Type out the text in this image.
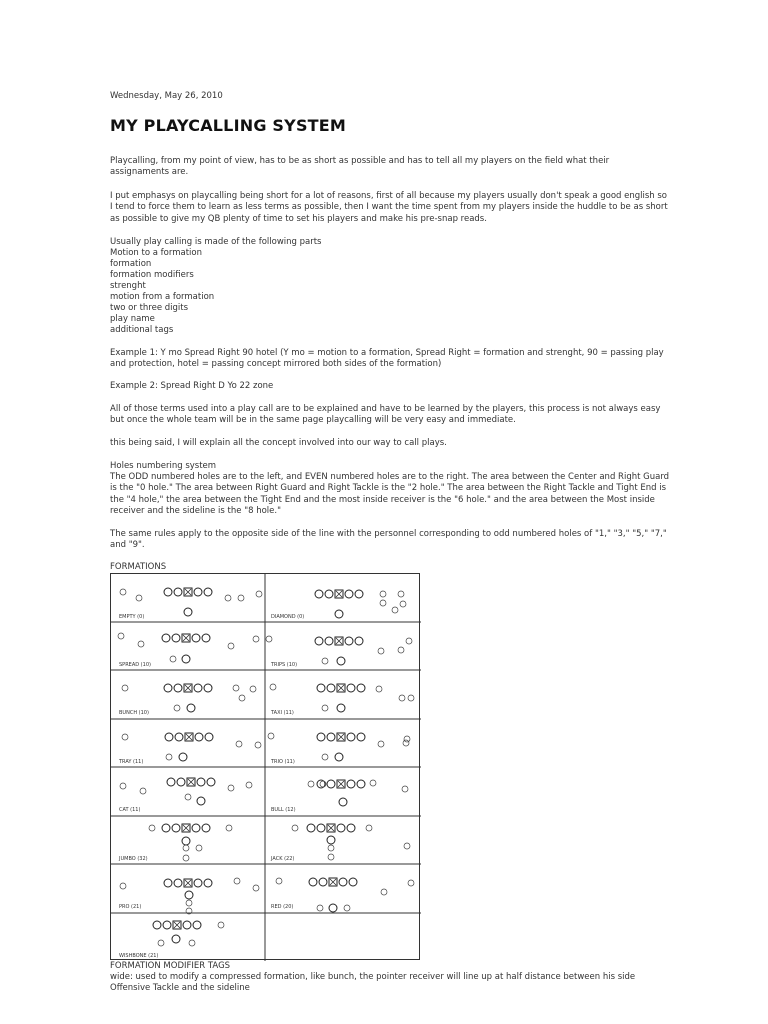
Wednesday, May 26, 2010
MY PLAYCALLING SYSTEM

Playcalling, from my point of view, has to be as short as possible and has to tell all my players on the field what their assignaments are.

I put emphasys on playcalling being short for a lot of reasons, first of all because my players usually don't speak a good english so I tend to force them to learn as less terms as possible, then I want the time spent from my players inside the huddle to be as short as possible to give my QB plenty of time to set his players and make his pre-snap reads.

Usually play calling is made of the following parts
Motion to a formation
formation
formation modifiers
strenght
motion from a formation
two or three digits
play name
additional tags

Example 1: Y mo Spread Right 90 hotel (Y mo = motion to a formation, Spread Right = formation and strenght, 90 = passing play and protection, hotel = passing concept mirrored both sides of the formation)

Example 2: Spread Right D Yo 22 zone

All of those terms used into a play call are to be explained and have to be learned by the players, this process is not always easy but once the whole team will be in the same page playcalling will be very easy and immediate.

this being said, I will explain all the concept involved into our way to call plays.

Holes numbering system

The ODD numbered holes are to the left, and EVEN numbered holes are to the right. The area between the Center and Right Guard is the "0 hole." The area between Right Guard and Right Tackle is the "2 hole." The area between the Right Tackle and Tight End is the "4 hole," the area between the Tight End and the most inside receiver is the "6 hole." and the area between the Most inside receiver and the sideline is the "8 hole."

The same rules apply to the opposite side of the line with the personnel corresponding to odd numbered holes of "1," "3," "5," "7," and "9".

FORMATIONS
EMPTY (0)	DIAMOND (0)
SPREAD (10)	TRIPS (10)
BUNCH (10)	TAXI (11)
TRAY (11)	TRIO (11)
CAT (11)	BULL (12)
JUMBO (32)	JACK (22)
PRO (21)	RED (20)
WISHBONE (21)
FORMATION MODIFIER TAGS

wide: used to modify a compressed formation, like bunch, the pointer receiver will line up at half distance between his side Offensive Tackle and the sideline
